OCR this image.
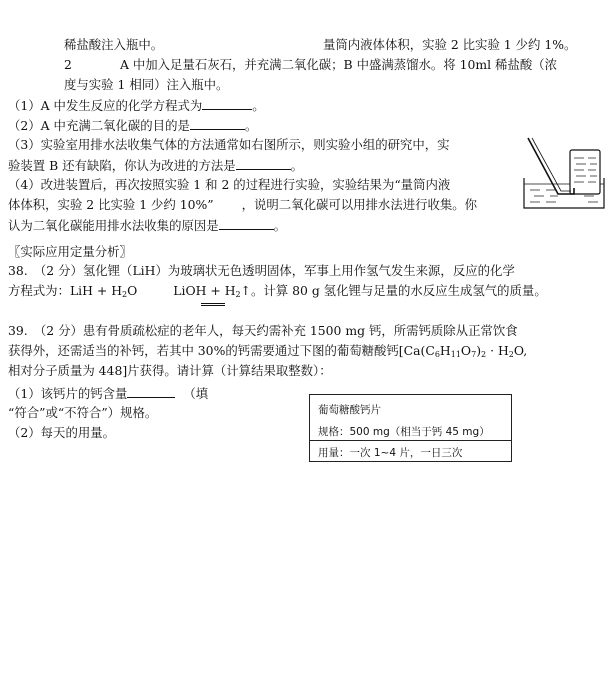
稀盐酸注入瓶中。	量筒内液体体积，实验 2 比实验 1 少约 1%。
2	A 中加入足量石灰石，并充满二氧化碳；B 中盛满蒸馏水。将 10ml 稀盐酸（浓
度与实验 1 相同）注入瓶中。
（1）A 中发生反应的化学方程式为	。
（2）A 中充满二氧化碳的目的是	。
（3）实验室用排水法收集气体的方法通常如右图所示，则实验小组的研究中，实
验装置 B 还有缺陷，你认为改进的方法是	。
（4）改进装置后，再次按照实验 1 和 2 的过程进行实验，实验结果为“量筒内液
体体积，实验 2 比实验 1 少约 10%” ，说明二氧化碳可以用排水法进行收集。你
认为二氧化碳能用排水法收集的原因是	。
〖实际应用定量分析〗
38.　（2 分）氢化锂（LiH）为玻璃状无色透明固体，军事上用作氢气发生来源，反应的化学
方程式为：LiH + $H_2O$	LiOH + $H_2↑$
。计算 80 g 氢化锂与足量的水反应生成氢气的质量。
39.　（2 分）患有骨质疏松症的老年人，每天约需补充 1500 mg 钙，所需钙质除从正常饮食
获得外，还需适当的补钙，若其中 30%的钙需要通过下图的葡萄糖酸钙[$Ca(C_6H_{11}O_7)_2 \cdot H_2O$,
相对分子质量为 448]片获得。请计算（计算结果取整数）：
（1）该钙片的钙含量	（填
“符合”或“不符合”）规格。
（2）每天的用量。
葡萄糖酸钙片
规格：500 mg（相当于钙 45 mg）
用量：一次 1~4 片，一日三次
